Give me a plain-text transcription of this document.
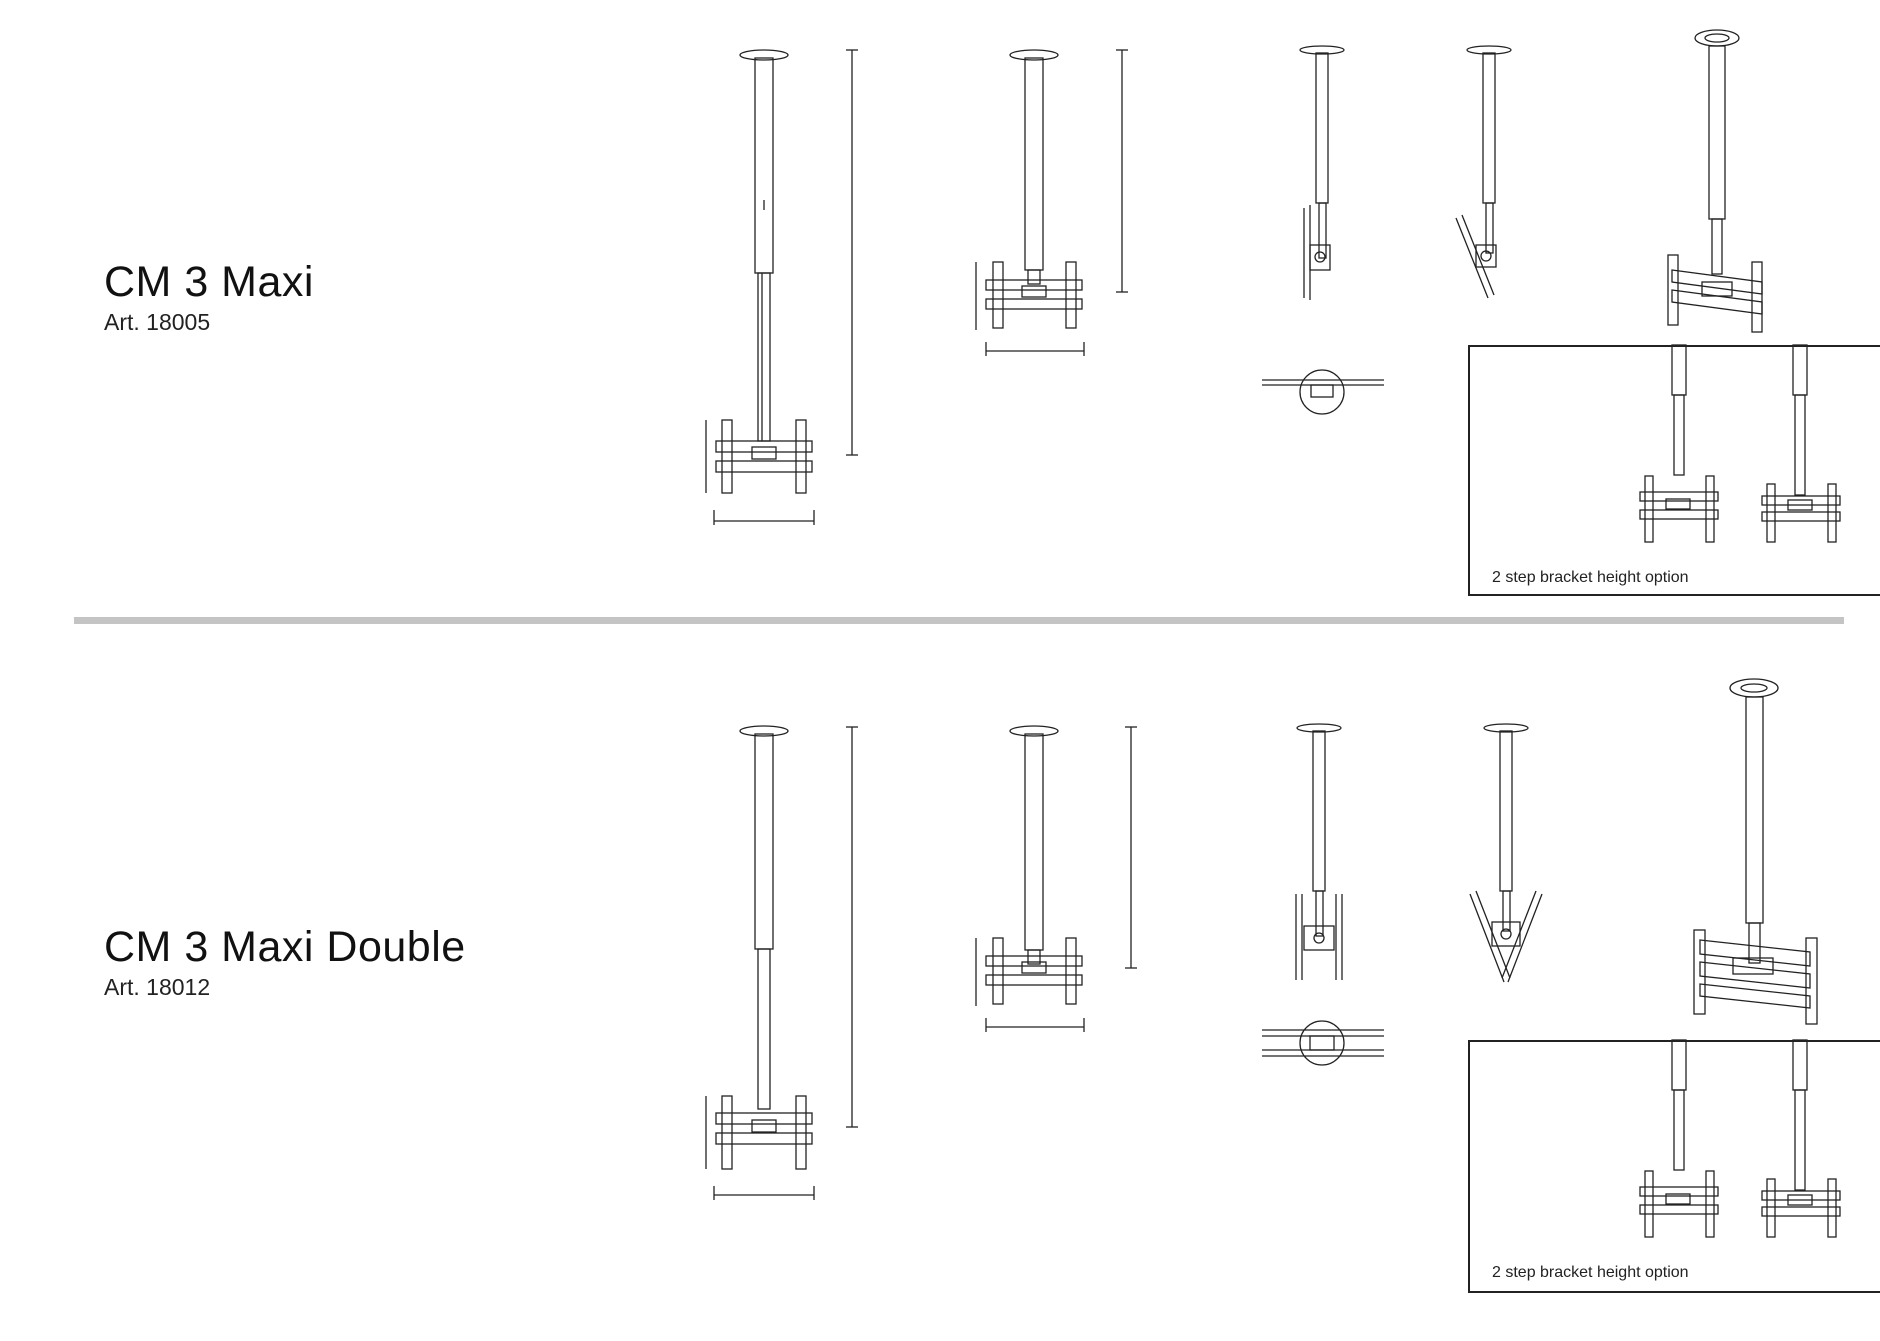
CM 3 Maxi
Art. 18005
2 step bracket height option
CM 3 Maxi Double
Art. 18012
2 step bracket height option
